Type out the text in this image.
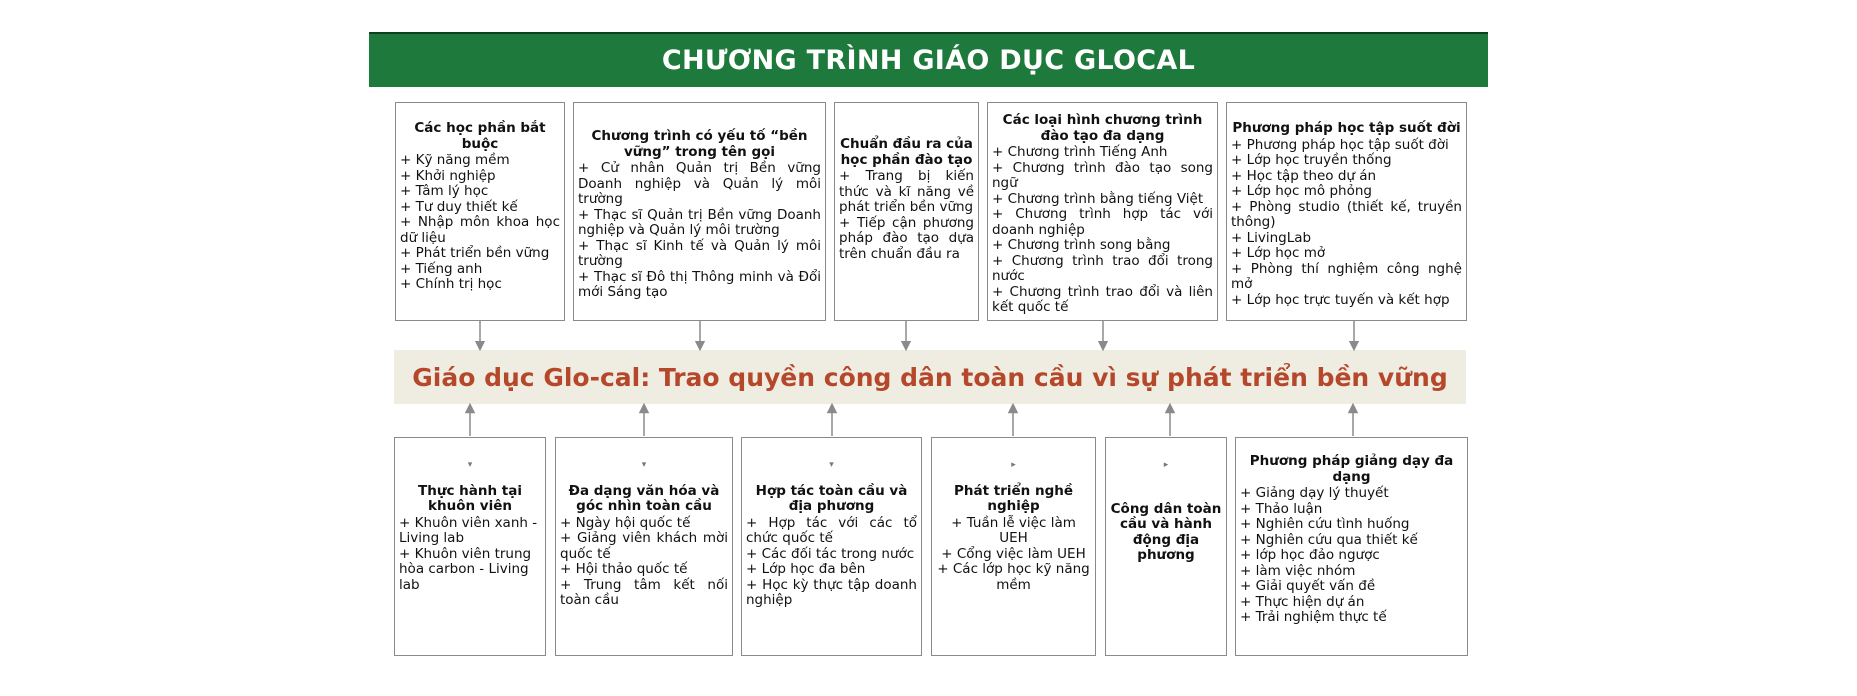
CHƯƠNG TRÌNH GIÁO DỤC GLOCAL
Các học phần bắt buộc
+ Kỹ năng mềm
+ Khởi nghiệp
+ Tâm lý học
+ Tư duy thiết kế
+ Nhập môn khoa học dữ liệu
+ Phát triển bền vững
+ Tiếng anh
+ Chính trị học
Chương trình có yếu tố “bền vững” trong tên gọi
+ Cử nhân Quản trị Bền vững Doanh nghiệp và Quản lý môi trường
+ Thạc sĩ Quản trị Bền vững Doanh nghiệp và Quản lý môi trường
+ Thạc sĩ Kinh tế và Quản lý môi trường
+ Thạc sĩ Đô thị Thông minh và Đổi mới Sáng tạo
Chuẩn đầu ra của học phần đào tạo
+ Trang bị kiến thức và kĩ năng về phát triển bền vững
+ Tiếp cận phương pháp đào tạo dựa trên chuẩn đầu ra
Các loại hình chương trình đào tạo đa dạng
+ Chương trình Tiếng Anh
+ Chương trình đào tạo song ngữ
+ Chương trình bằng tiếng Việt
+ Chương trình hợp tác với doanh nghiệp
+ Chương trình song bằng
+ Chương trình trao đổi trong nước
+ Chương trình trao đổi và liên kết quốc tế
Phương pháp học tập suốt đời
+ Phương pháp học tập suốt đời
+ Lớp học truyền thống
+ Học tập theo dự án
+ Lớp học mô phỏng
+ Phòng studio (thiết kế, truyền thông)
+ LivingLab
+ Lớp học mở
+ Phòng thí nghiệm công nghệ mở
+ Lớp học trực tuyến và kết hợp
Giáo dục Glo-cal: Trao quyền công dân toàn cầu vì sự phát triển bền vững
▾
Thực hành tại khuôn viên
+ Khuôn viên xanh - Living lab
+ Khuôn viên trung hòa carbon - Living lab
▾
Đa dạng văn hóa và góc nhìn toàn cầu
+ Ngày hội quốc tế
+ Giảng viên khách mời quốc tế
+ Hội thảo quốc tế
+ Trung tâm kết nối toàn cầu
▾
Hợp tác toàn cầu và địa phương
+ Hợp tác với các tổ chức quốc tế
+ Các đối tác trong nước
+ Lớp học đa bên
+ Học kỳ thực tập doanh nghiệp
▸
Phát triển nghề nghiệp
+ Tuần lễ việc làm UEH
+ Cổng việc làm UEH
+ Các lớp học kỹ năng mềm
▸
Công dân toàn cầu và hành động địa phương
Phương pháp giảng dạy đa dạng
+ Giảng dạy lý thuyết
+ Thảo luận
+ Nghiên cứu tình huống
+ Nghiên cứu qua thiết kế
+ lớp học đảo ngược
+ làm việc nhóm
+ Giải quyết vấn đề
+ Thực hiện dự án
+ Trải nghiệm thực tế
